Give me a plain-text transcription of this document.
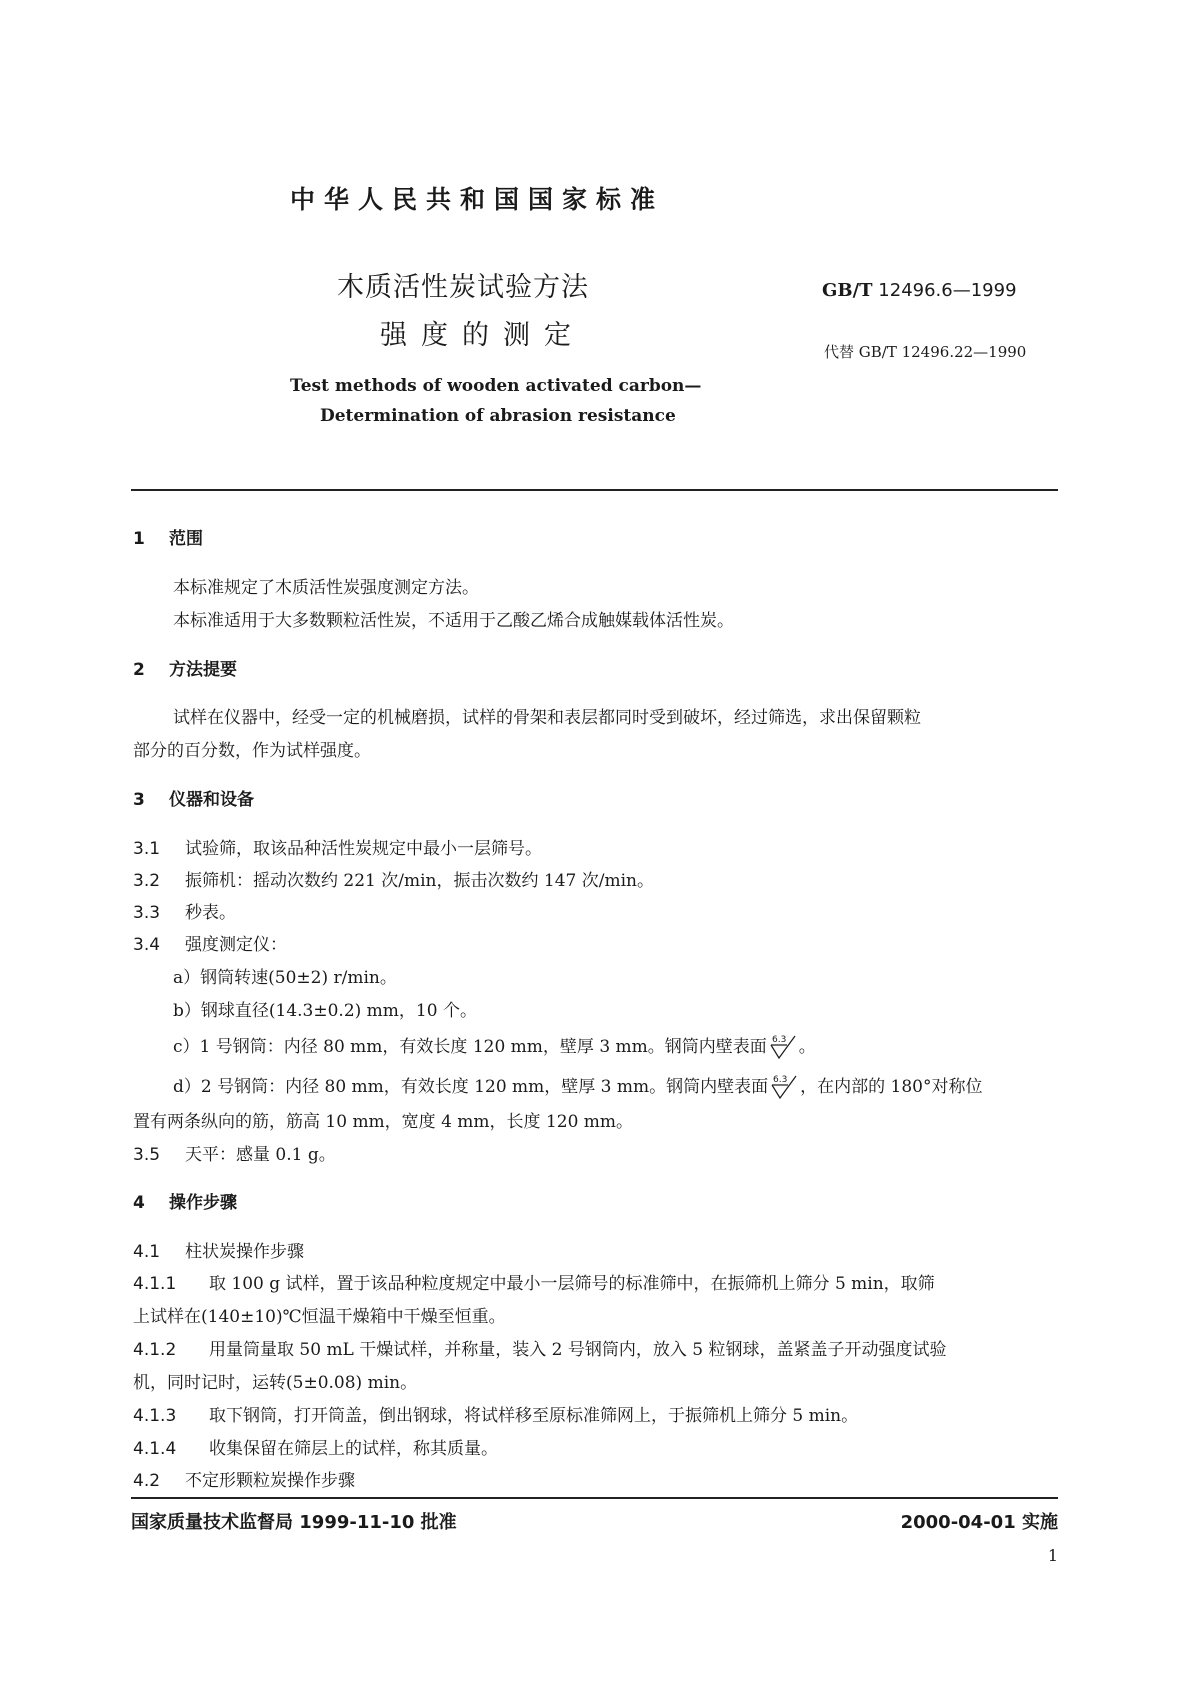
中华人民共和国国家标准
木质活性炭试验方法
强度的测定
GB/T 12496.6—1999
代替 GB/T 12496.22—1990
Test methods of wooden activated carbon—
Determination of abrasion resistance
1 范围
本标准规定了木质活性炭强度测定方法。
本标准适用于大多数颗粒活性炭，不适用于乙酸乙烯合成触媒载体活性炭。
2 方法提要
试样在仪器中，经受一定的机械磨损，试样的骨架和表层都同时受到破坏，经过筛选，求出保留颗粒
部分的百分数，作为试样强度。
3 仪器和设备
3.1 试验筛，取该品种活性炭规定中最小一层筛号。
3.2 振筛机：摇动次数约 221 次/min，振击次数约 147 次/min。
3.3 秒表。
3.4 强度测定仪：
a）钢筒转速(50±2) r/min。
b）钢球直径(14.3±0.2) mm，10 个。
c）1 号钢筒：内径 80 mm，有效长度 120 mm，壁厚 3 mm。钢筒内壁表面 6.3 。
d）2 号钢筒：内径 80 mm，有效长度 120 mm，壁厚 3 mm。钢筒内壁表面 6.3 ，在内部的 180°对称位
置有两条纵向的筋，筋高 10 mm，宽度 4 mm，长度 120 mm。
3.5 天平：感量 0.1 g。
4 操作步骤
4.1 柱状炭操作步骤
4.1.1 取 100 g 试样，置于该品种粒度规定中最小一层筛号的标准筛中，在振筛机上筛分 5 min，取筛
上试样在(140±10)℃恒温干燥箱中干燥至恒重。
4.1.2 用量筒量取 50 mL 干燥试样，并称量，装入 2 号钢筒内，放入 5 粒钢球，盖紧盖子开动强度试验
机，同时记时，运转(5±0.08) min。
4.1.3 取下钢筒，打开筒盖，倒出钢球，将试样移至原标准筛网上，于振筛机上筛分 5 min。
4.1.4 收集保留在筛层上的试样，称其质量。
4.2 不定形颗粒炭操作步骤
国家质量技术监督局 1999-11-10 批准	2000-04-01 实施
1
